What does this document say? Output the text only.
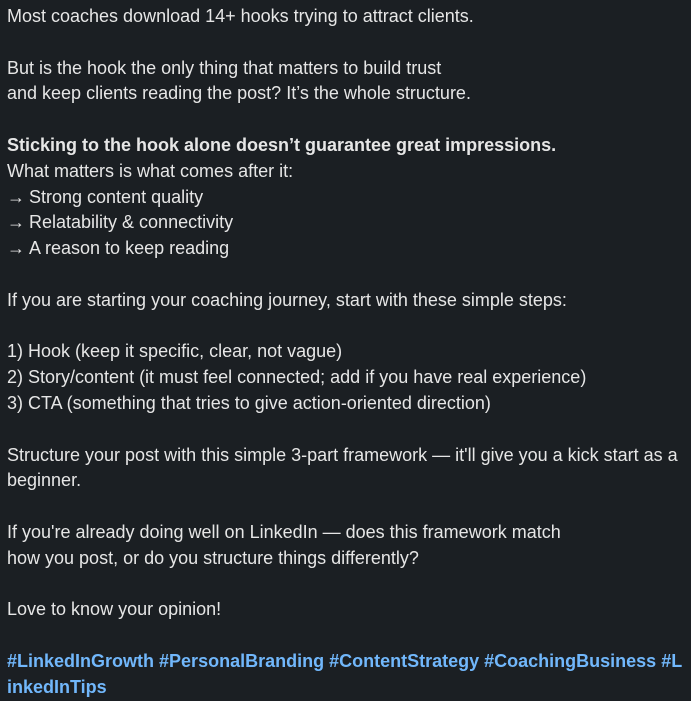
Most coaches download 14+ hooks trying to attract clients.
But is the hook the only thing that matters to build trust
and keep clients reading the post? It’s the whole structure.
Sticking to the hook alone doesn’t guarantee great impressions.
What matters is what comes after it:
→ Strong content quality
→ Relatability & connectivity
→ A reason to keep reading
If you are starting your coaching journey, start with these simple steps:
1) Hook (keep it specific, clear, not vague)
2) Story/content (it must feel connected; add if you have real experience)
3) CTA (something that tries to give action-oriented direction)
Structure your post with this simple 3-part framework — it'll give you a kick start as a beginner.
If you're already doing well on LinkedIn — does this framework match
how you post, or do you structure things differently?
Love to know your opinion!
#LinkedInGrowth #PersonalBranding #ContentStrategy #CoachingBusiness #LinkedInTips
